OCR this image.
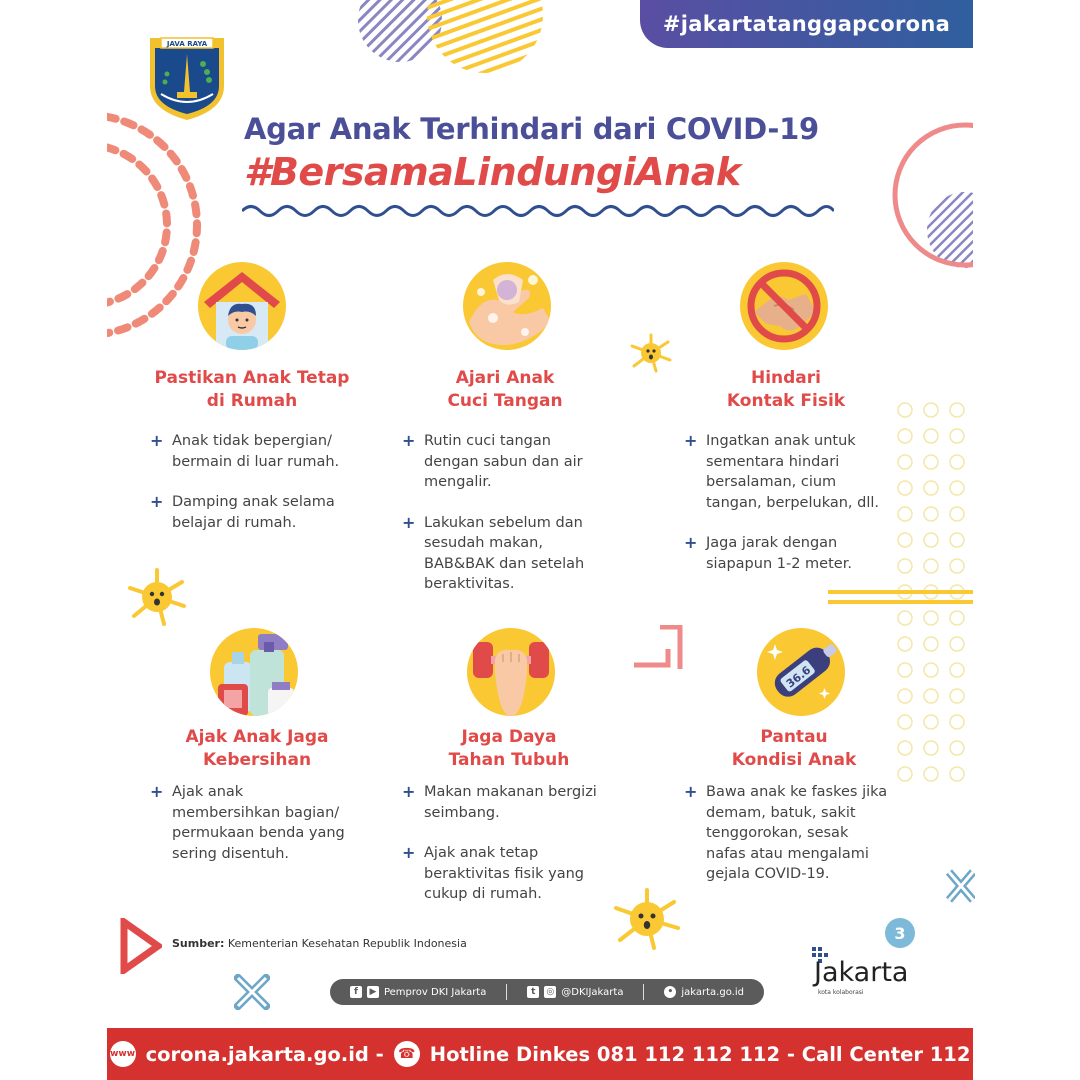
#jakartatanggapcorona
JAVA RAYA
Agar Anak Terhindari dari COVID-19
#BersamaLindungiAnak
Pastikan Anak Tetap
di Rumah
+ Anak tidak bepergian/
bermain di luar rumah.
+ Damping anak selama
belajar di rumah.
Ajari Anak
Cuci Tangan
+ Rutin cuci tangan
dengan sabun dan air
mengalir.
+ Lakukan sebelum dan
sesudah makan,
BAB&BAK dan setelah
beraktivitas.
Hindari
Kontak Fisik
+ Ingatkan anak untuk
sementara hindari
bersalaman, cium
tangan, berpelukan, dll.
+ Jaga jarak dengan
siapapun 1-2 meter.
Ajak Anak Jaga
Kebersihan
+ Ajak anak
membersihkan bagian/
permukaan benda yang
sering disentuh.
Jaga Daya
Tahan Tubuh
+ Makan makanan bergizi
seimbang.
+ Ajak anak tetap
beraktivitas fisik yang
cukup di rumah.
36.6
Pantau
Kondisi Anak
+ Bawa anak ke faskes jika
demam, batuk, sakit
tenggorokan, sesak
nafas atau mengalami
gejala COVID-19.
Sumber: Kementerian Kesehatan Republik Indonesia
3
Jakarta
kota kolaborasi
f	▶ Pemprov DKI Jakarta	t	◎ @DKIJakarta	• jakarta.go.id
www corona.jakarta.go.id -	☎ Hotline Dinkes 081 112 112 112 - Call Center 112
